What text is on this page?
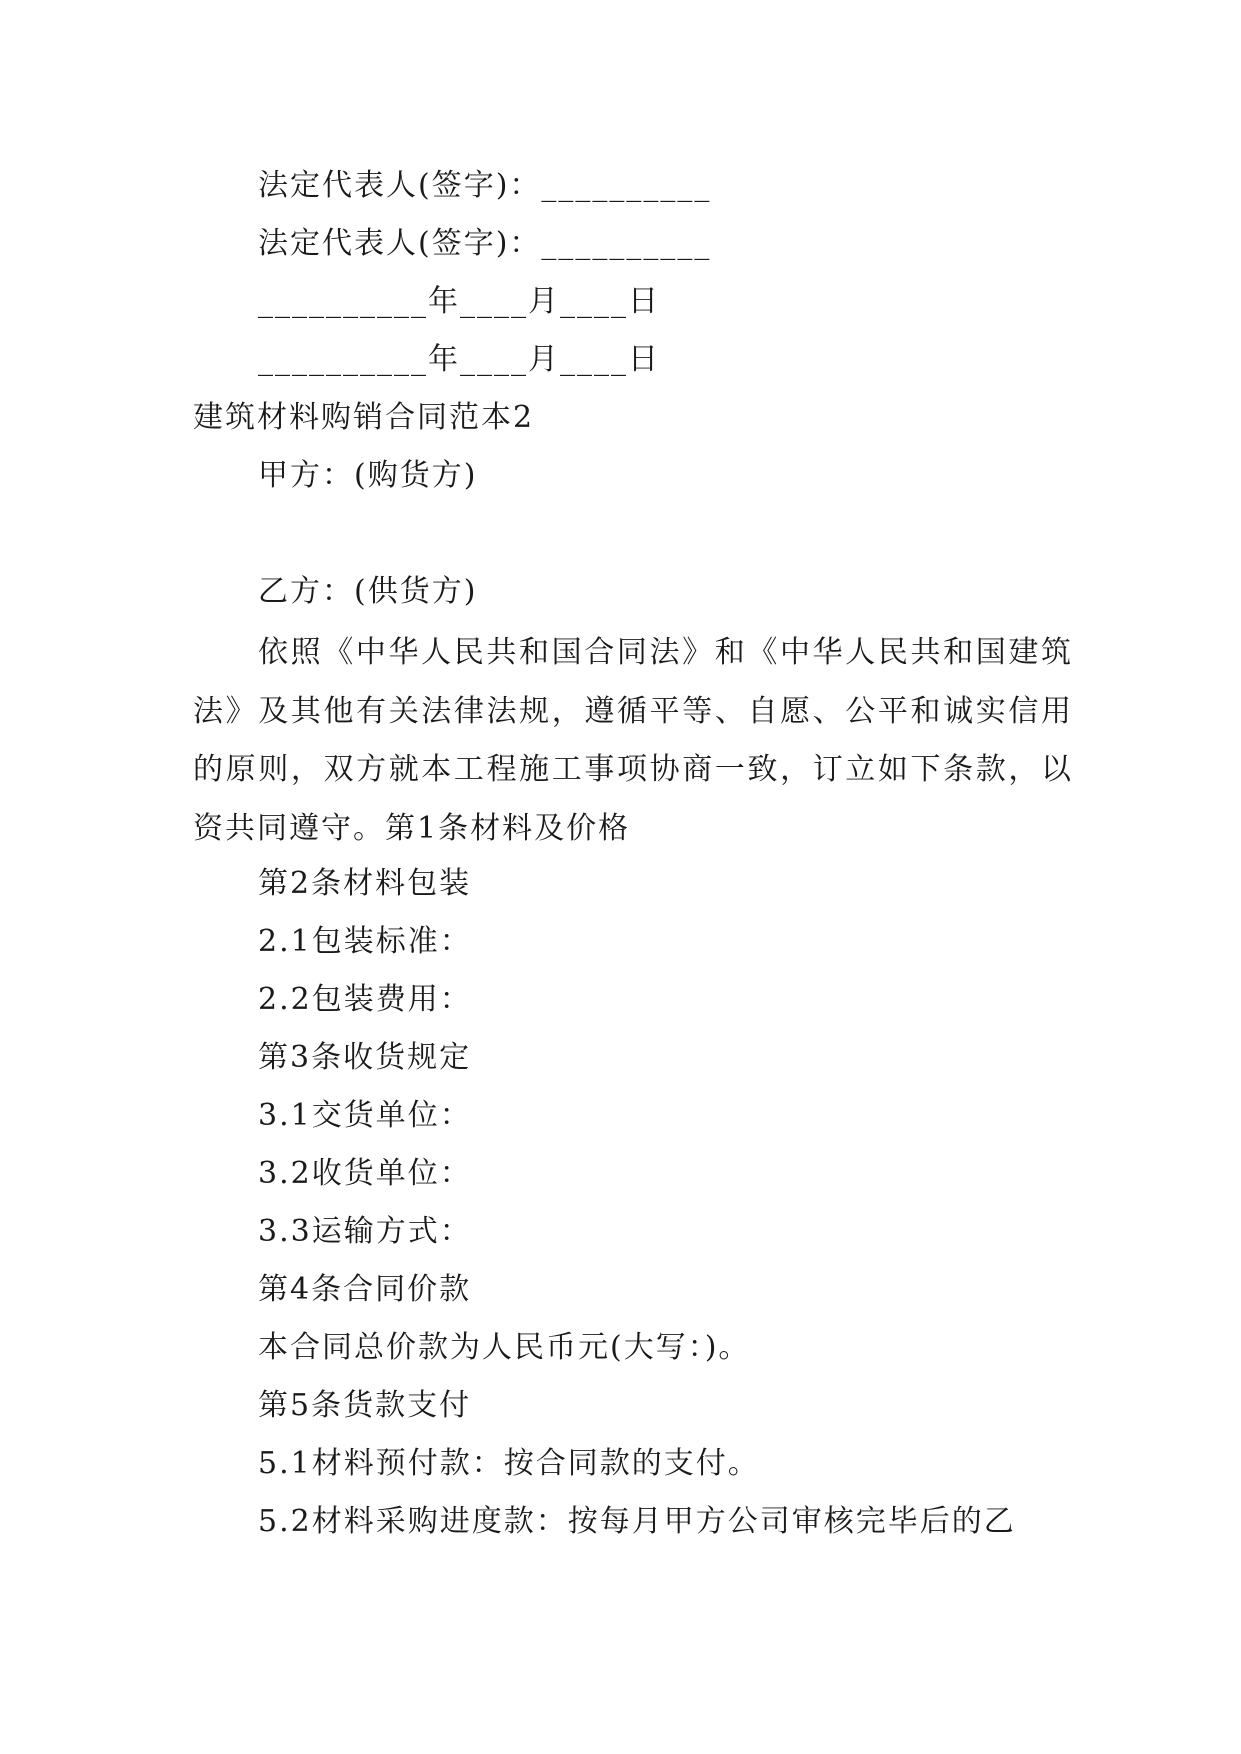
法定代表人(签字)：__________
法定代表人(签字)：__________
__________年____月____日
__________年____月____日
建筑材料购销合同范本2
甲方：(购货方)
乙方：(供货方)
依照《中华人民共和国合同法》和《中华人民共和国建筑法》及其他有关法律法规，遵循平等、自愿、公平和诚实信用的原则，双方就本工程施工事项协商一致，订立如下条款，以资共同遵守。第1条材料及价格
第2条材料包装
2.1包装标准：
2.2包装费用：
第3条收货规定
3.1交货单位：
3.2收货单位：
3.3运输方式：
第4条合同价款
本合同总价款为人民币元(大写：)。
第5条货款支付
5.1材料预付款：按合同款的支付。
5.2材料采购进度款：按每月甲方公司审核完毕后的乙
